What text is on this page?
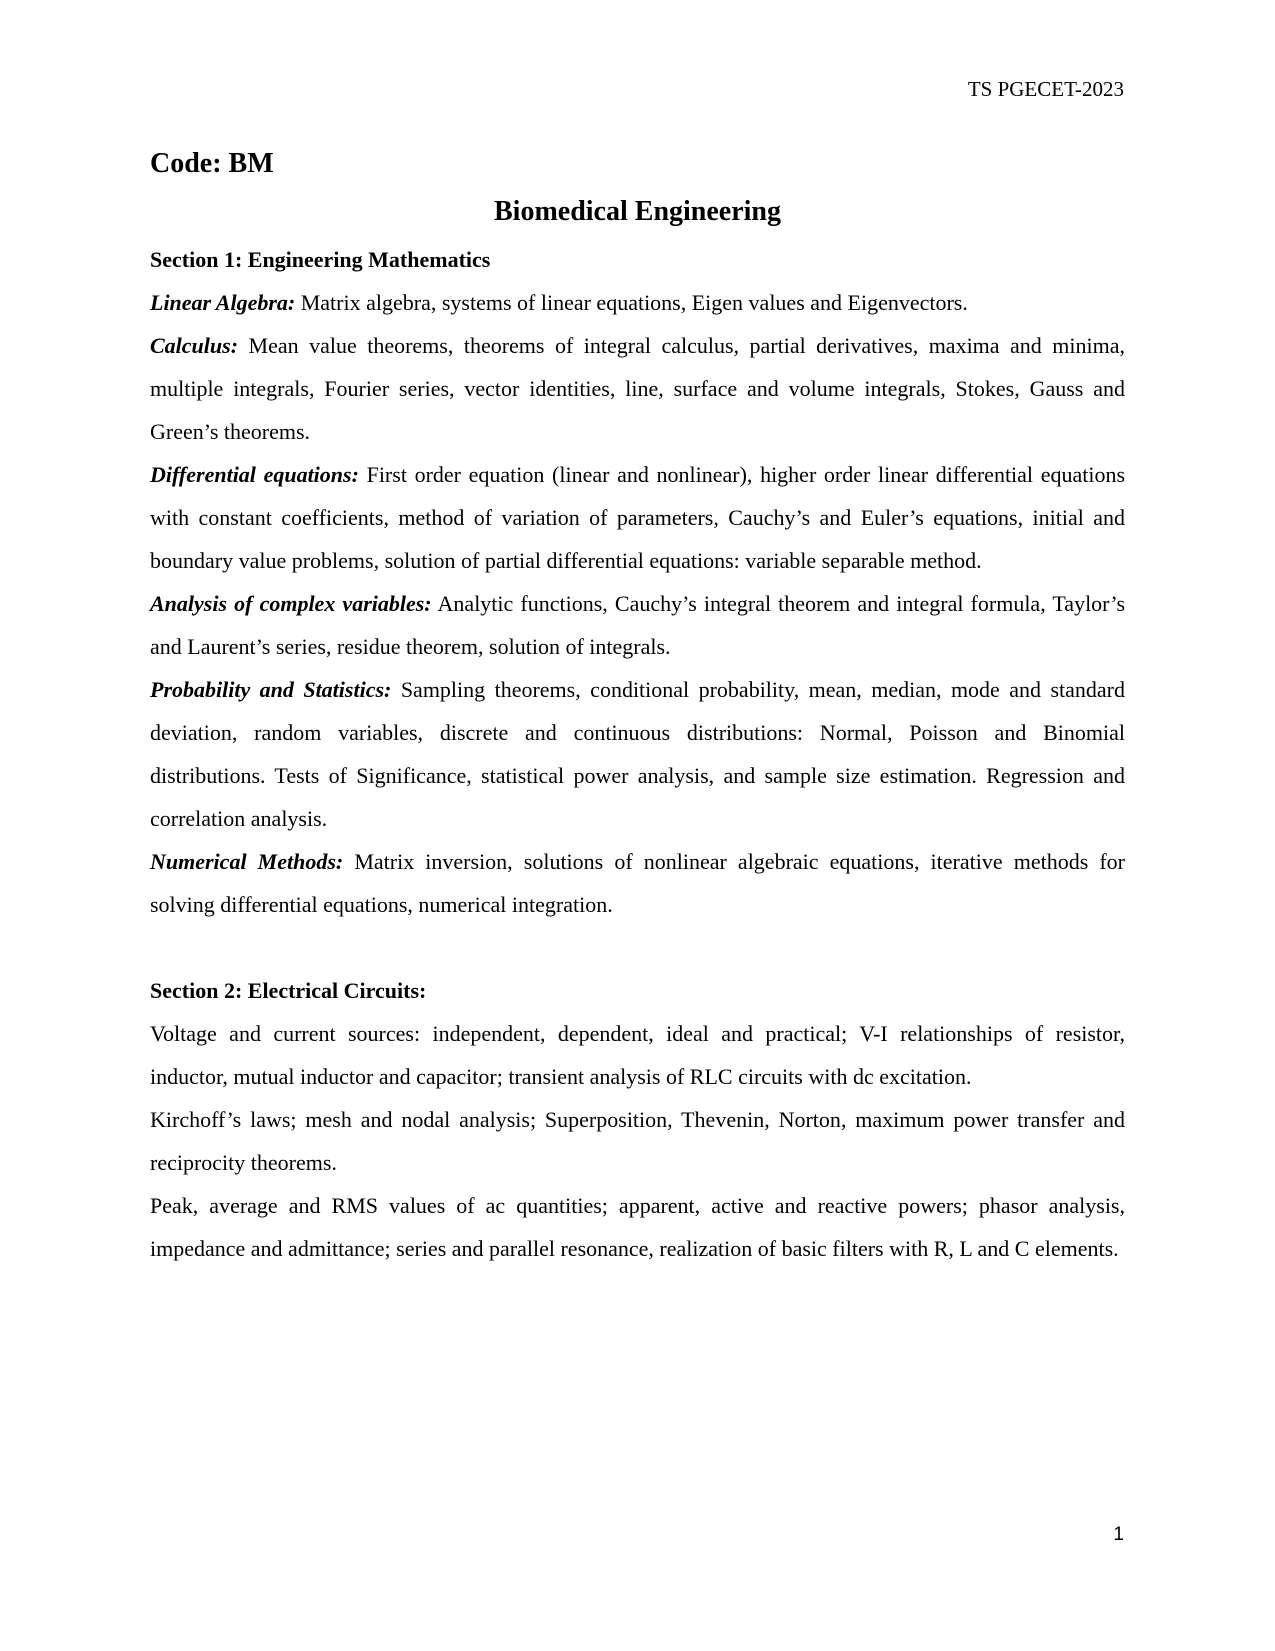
TS PGECET-2023

Code: BM

Biomedical Engineering
Section 1: Engineering Mathematics

Linear Algebra: Matrix algebra, systems of linear equations, Eigen values and Eigenvectors.

Calculus: Mean value theorems, theorems of integral calculus, partial derivatives, maxima and minima, multiple integrals, Fourier series, vector identities, line, surface and volume integrals, Stokes, Gauss and Green’s theorems.

Differential equations: First order equation (linear and nonlinear), higher order linear differential equations with constant coefficients, method of variation of parameters, Cauchy’s and Euler’s equations, initial and boundary value problems, solution of partial differential equations: variable separable method.

Analysis of complex variables: Analytic functions, Cauchy’s integral theorem and integral formula, Taylor’s and Laurent’s series, residue theorem, solution of integrals.

Probability and Statistics: Sampling theorems, conditional probability, mean, median, mode and standard deviation, random variables, discrete and continuous distributions: Normal, Poisson and Binomial distributions. Tests of Significance, statistical power analysis, and sample size estimation. Regression and correlation analysis.

Numerical Methods: Matrix inversion, solutions of nonlinear algebraic equations, iterative methods for solving differential equations, numerical integration.

Section 2: Electrical Circuits:

Voltage and current sources: independent, dependent, ideal and practical; V-I relationships of resistor, inductor, mutual inductor and capacitor; transient analysis of RLC circuits with dc excitation.

Kirchoff’s laws; mesh and nodal analysis; Superposition, Thevenin, Norton, maximum power transfer and reciprocity theorems.

Peak, average and RMS values of ac quantities; apparent, active and reactive powers; phasor analysis, impedance and admittance; series and parallel resonance, realization of basic filters with R, L and C elements.

1
